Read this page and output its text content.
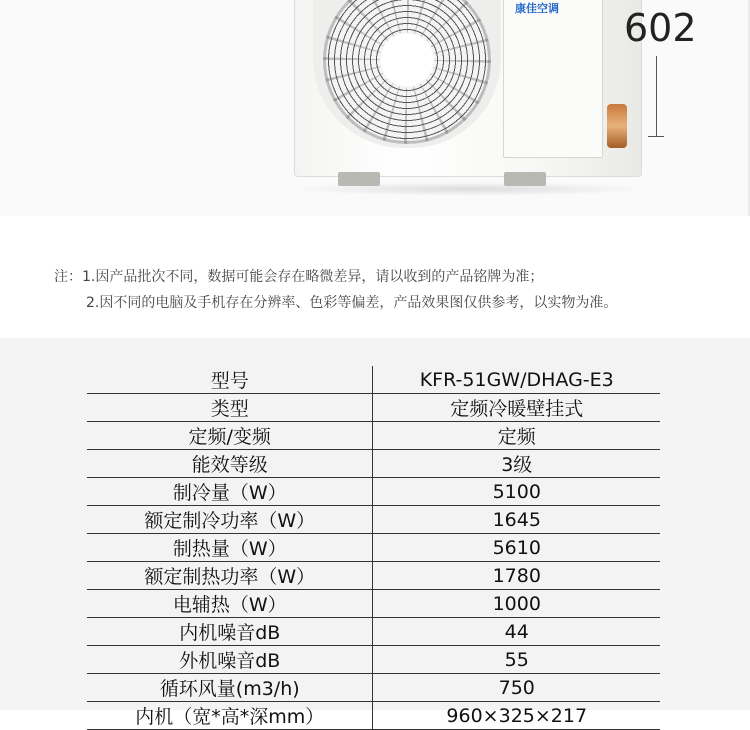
康佳空调 602
注：1.因产品批次不同，数据可能会存在略微差异，请以收到的产品铭牌为准；
2.因不同的电脑及手机存在分辨率、色彩等偏差，产品效果图仅供参考，以实物为准。
型号	KFR-51GW/DHAG-E3
类型	定频冷暖壁挂式
定频/变频	定频
能效等级	3级
制冷量（W）	5100
额定制冷功率（W）	1645
制热量（W）	5610
额定制热功率（W）	1780
电辅热（W）	1000
内机噪音dB	44
外机噪音dB	55
循环风量(m3/h)	750
内机（宽*高*深mm）	960×325×217
